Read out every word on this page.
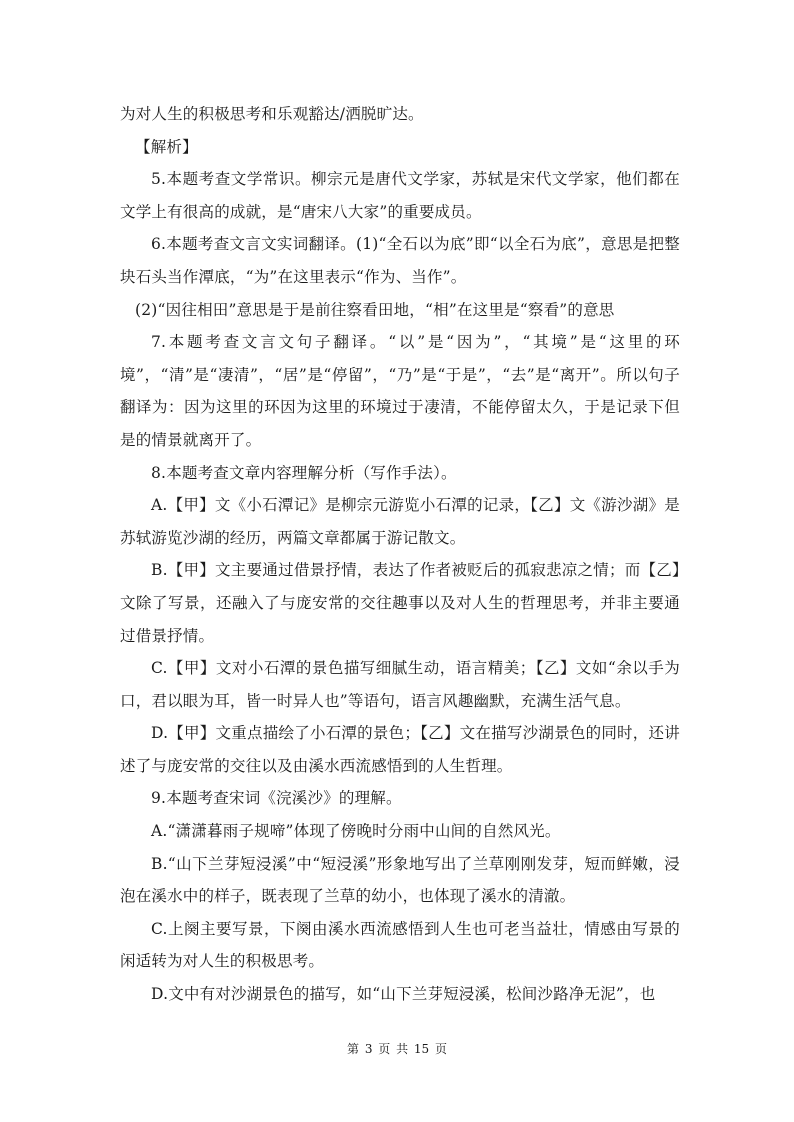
为对人生的积极思考和乐观豁达/洒脱旷达。

【解析】

5.本题考查文学常识。柳宗元是唐代文学家，苏轼是宋代文学家，他们都在文学上有很高的成就，是“唐宋八大家”的重要成员。

6.本题考查文言文实词翻译。(1)“全石以为底”即“以全石为底”，意思是把整块石头当作潭底，“为”在这里表示“作为、当作”。

(2)“因往相田”意思是于是前往察看田地，“相”在这里是“察看”的意思

7.本题考查文言文句子翻译。“以”是“因为”，“其境”是“这里的环境”，“清”是“凄清”，“居”是“停留”，“乃”是“于是”，“去”是“离开”。所以句子翻译为：因为这里的环因为这里的环境过于凄清，不能停留太久，于是记录下但是的情景就离开了。

8.本题考查文章内容理解分析（写作手法）。

A.【甲】文《小石潭记》是柳宗元游览小石潭的记录，【乙】文《游沙湖》是苏轼游览沙湖的经历，两篇文章都属于游记散文。

B.【甲】文主要通过借景抒情，表达了作者被贬后的孤寂悲凉之情；而【乙】文除了写景，还融入了与庞安常的交往趣事以及对人生的哲理思考，并非主要通过借景抒情。

C.【甲】文对小石潭的景色描写细腻生动，语言精美；【乙】文如“余以手为口，君以眼为耳，皆一时异人也”等语句，语言风趣幽默，充满生活气息。

D.【甲】文重点描绘了小石潭的景色；【乙】文在描写沙湖景色的同时，还讲述了与庞安常的交往以及由溪水西流感悟到的人生哲理。

9.本题考查宋词《浣溪沙》的理解。

A.“潇潇暮雨子规啼”体现了傍晚时分雨中山间的自然风光。

B.“山下兰芽短浸溪”中“短浸溪”形象地写出了兰草刚刚发芽，短而鲜嫩，浸泡在溪水中的样子，既表现了兰草的幼小，也体现了溪水的清澈。

C.上阕主要写景，下阕由溪水西流感悟到人生也可老当益壮，情感由写景的闲适转为对人生的积极思考。

D.文中有对沙湖景色的描写，如“山下兰芽短浸溪，松间沙路净无泥”，也

第 3 页 共 15 页
